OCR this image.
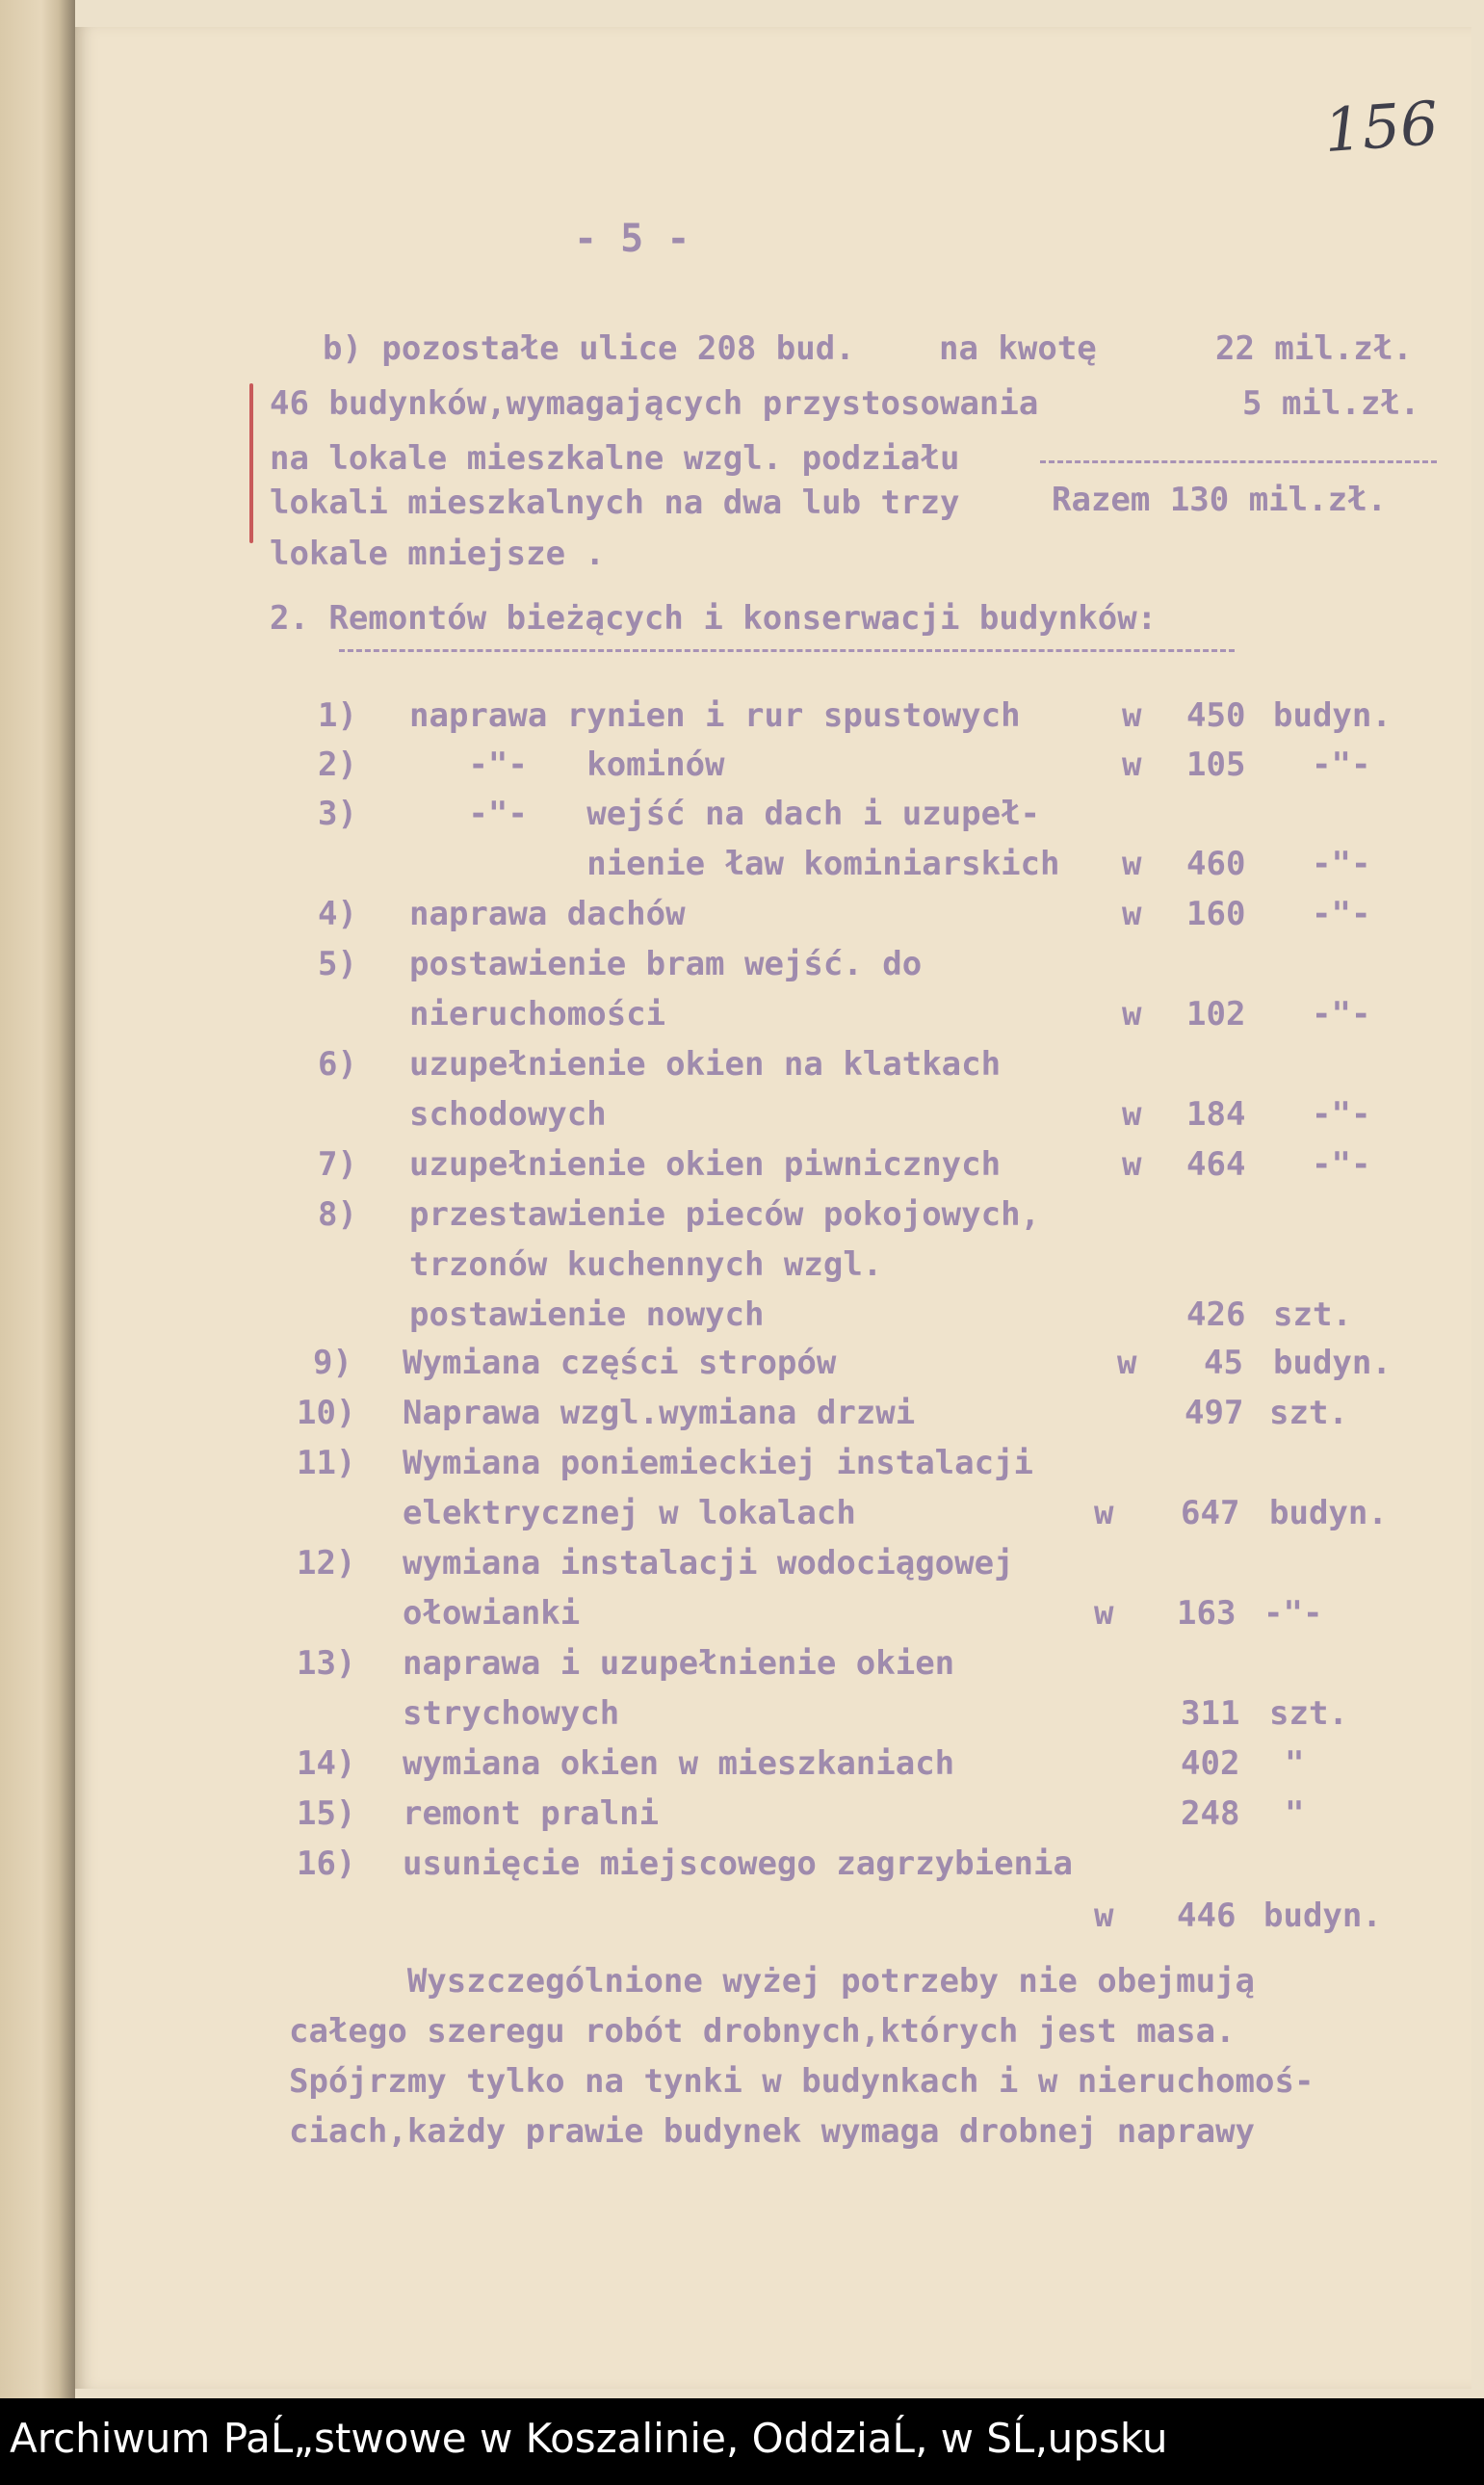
156
- 5 -
b) pozostałe ulice 208 bud.	na kwotę	22 mil.zł.
46 budynków,wymagających przystosowania	5 mil.zł.
na lokale mieszkalne wzgl. podziału
lokali mieszkalnych na dwa lub trzy	Razem 130 mil.zł.
lokale mniejsze .
2. Remontów bieżących i konserwacji budynków:
1) naprawa rynien i rur spustowych	w 450 budyn.
2) -"-   kominów	w 105 -"-
3) -"-   wejść na dach i uzupeł-
nienie ław kominiarskich w 460 -"-
4) naprawa dachów	w 160 -"-
5) postawienie bram wejść. do
nieruchomości	w 102 -"-
6) uzupełnienie okien na klatkach
schodowych	w 184 -"-
7) uzupełnienie okien piwnicznych	w 464 -"-
8) przestawienie pieców pokojowych,
trzonów kuchennych wzgl.
postawienie nowych	426 szt.
9) Wymiana części stropów	w 45 budyn.
10) Naprawa wzgl.wymiana drzwi	497 szt.
11) Wymiana poniemieckiej instalacji
elektrycznej w lokalach	w 647 budyn.
12) wymiana instalacji wodociągowej
ołowianki	w 163 -"-
13) naprawa i uzupełnienie okien
strychowych	311 szt.
14) wymiana okien w mieszkaniach	402 "
15) remont pralni	248 "
16) usunięcie miejscowego zagrzybienia
w 446 budyn.
Wyszczególnione wyżej potrzeby nie obejmują
całego szeregu robót drobnych,których jest masa.
Spójrzmy tylko na tynki w budynkach i w nieruchomoś-
ciach,każdy prawie budynek wymaga drobnej naprawy
Archiwum PaĹ„stwowe w Koszalinie, OddziaĹ‚ w SĹ‚upsku
